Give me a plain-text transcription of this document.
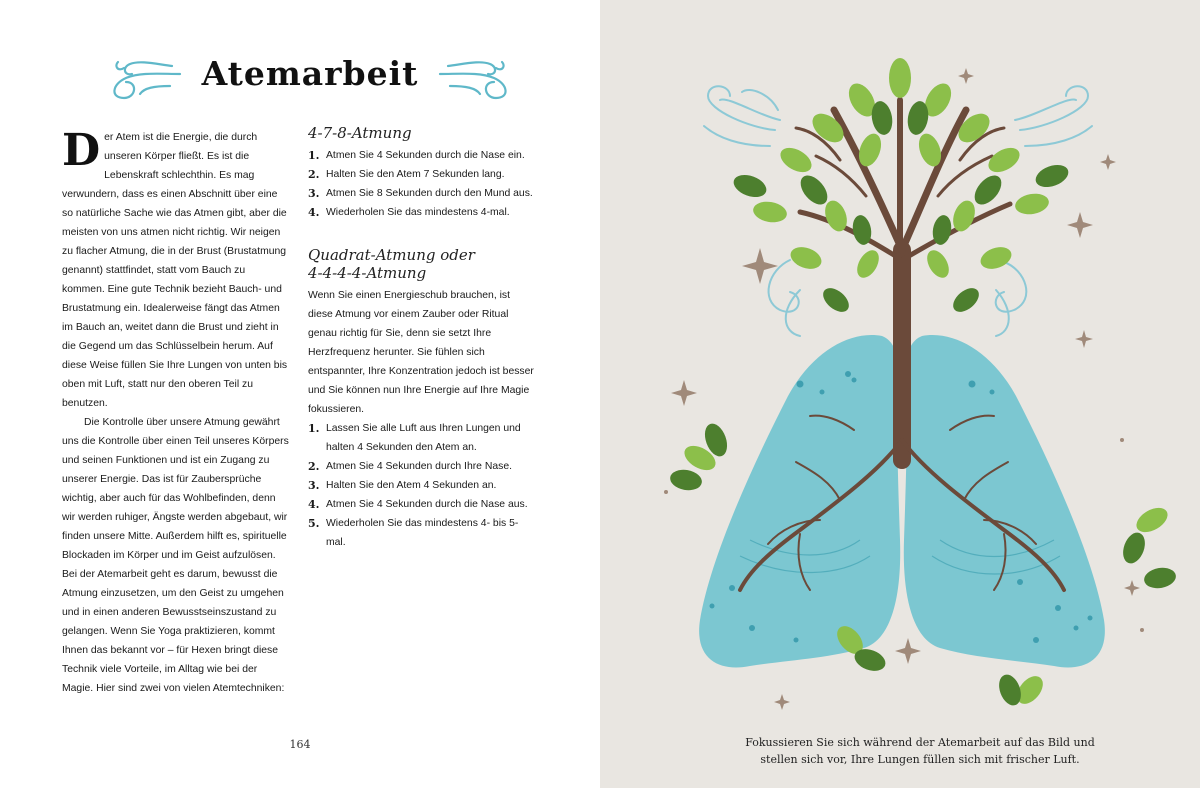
Atemarbeit

Der Atem ist die Energie, die durch unseren Körper fließt. Es ist die Lebenskraft schlechthin. Es mag verwundern, dass es einen Abschnitt über eine so natürliche Sache wie das Atmen gibt, aber die meisten von uns atmen nicht richtig. Wir neigen zu flacher Atmung, die in der Brust (Brustatmung genannt) stattfindet, statt vom Bauch zu kommen. Eine gute Technik bezieht Bauch- und Brustatmung ein. Idealerweise fängt das Atmen im Bauch an, weitet dann die Brust und zieht in die Gegend um das Schlüsselbein herum. Auf diese Weise füllen Sie Ihre Lungen von unten bis oben mit Luft, statt nur den oberen Teil zu benutzen.

Die Kontrolle über unsere Atmung gewährt uns die Kontrolle über einen Teil unseres Körpers und seinen Funktionen und ist ein Zugang zu unserer Energie. Das ist für Zaubersprüche wichtig, aber auch für das Wohlbefinden, denn wir werden ruhiger, Ängste werden abgebaut, wir finden unsere Mitte. Außerdem hilft es, spirituelle Blockaden im Körper und im Geist aufzulösen. Bei der Atemarbeit geht es darum, bewusst die Atmung einzusetzen, um den Geist zu umgehen und in einen anderen Bewusstseinszustand zu gelangen. Wenn Sie Yoga praktizieren, kommt Ihnen das bekannt vor – für Hexen bringt diese Technik viele Vorteile, im Alltag wie bei der Magie. Hier sind zwei von vielen Atemtechniken:

4-7-8-Atmung
1. Atmen Sie 4 Sekunden durch die Nase ein.
2. Halten Sie den Atem 7 Sekunden lang.
3. Atmen Sie 8 Sekunden durch den Mund aus.
4. Wiederholen Sie das mindestens 4-mal.
Quadrat-Atmung oder
4-4-4-4-Atmung

Wenn Sie einen Energieschub brauchen, ist diese Atmung vor einem Zauber oder Ritual genau richtig für Sie, denn sie setzt Ihre Herzfrequenz herunter. Sie fühlen sich entspannter, Ihre Konzentration jedoch ist besser und Sie können nun Ihre Energie auf Ihre Magie fokussieren.

1. Lassen Sie alle Luft aus Ihren Lungen und halten 4 Sekunden den Atem an.
2. Atmen Sie 4 Sekunden durch Ihre Nase.
3. Halten Sie den Atem 4 Sekunden an.
4. Atmen Sie 4 Sekunden durch die Nase aus.
5. Wiederholen Sie das mindestens 4- bis 5-mal.
164	Fokussieren Sie sich während der Atemarbeit auf das Bild und
stellen sich vor, Ihre Lungen füllen sich mit frischer Luft.
